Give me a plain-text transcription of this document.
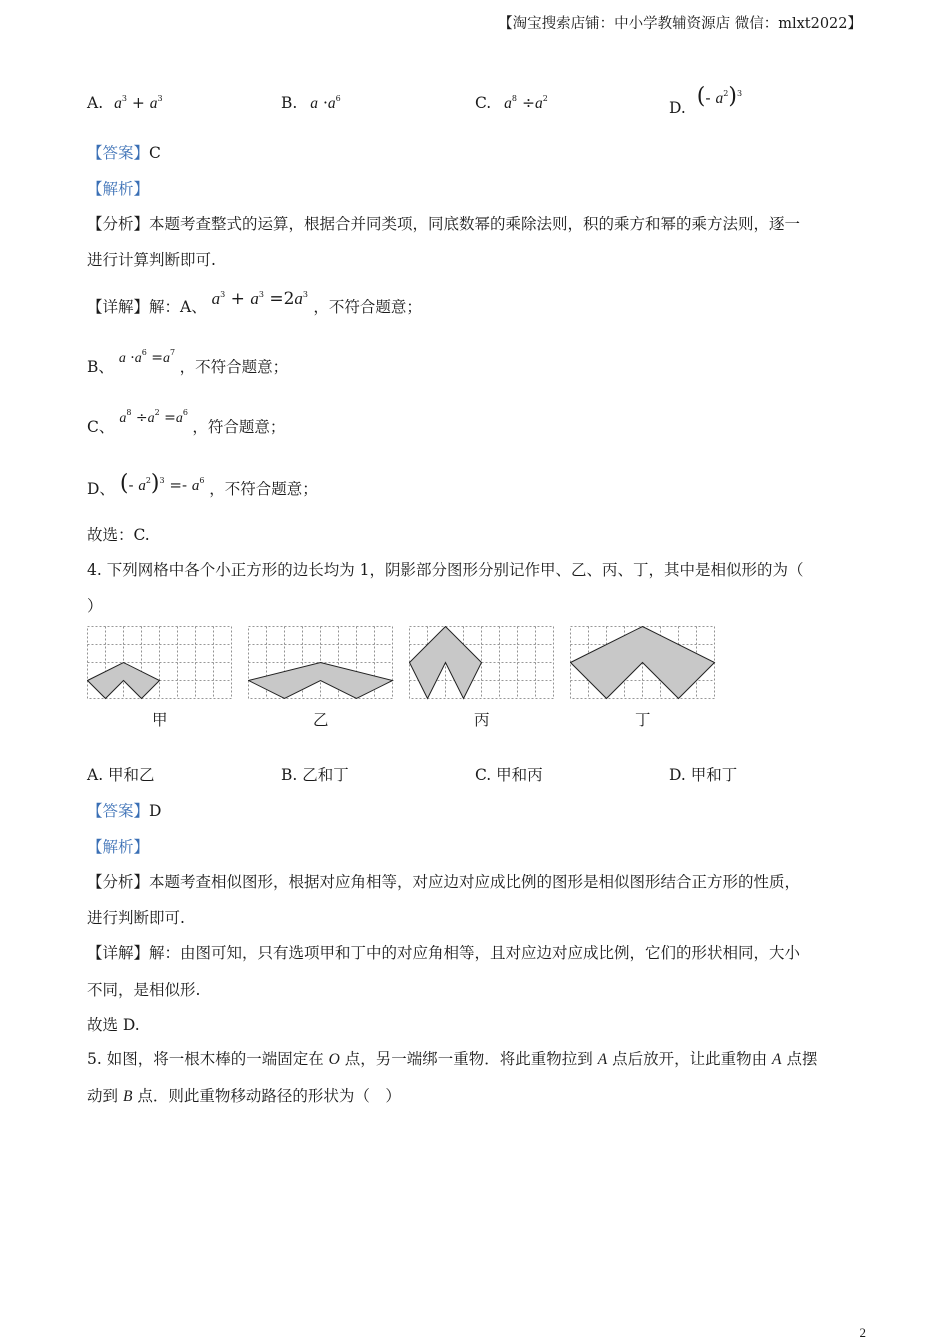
【淘宝搜索店铺：中小学教辅资源店 微信：mlxt2022】
A. $a^3 + a^3$	B. $a \cdot a^6$	C. $a^8 \div a^2$
D. (- $a^2)^3$
【答案】C
【解析】
【分析】本题考查整式的运算，根据合并同类项，同底数幂的乘除法则，积的乘方和幂的乘方法则，逐一
进行计算判断即可.
【详解】解：A、 $a^3 + a^3 =2a^3$ ，不符合题意；
B、 $a \cdot a^6 =a^7$ ，不符合题意；
C、 $a^8 \div a^2 =a^6$ ，符合题意；
D、 (- $a^2)^3 =- a^6$ ，不符合题意；
故选：C.
4. 下列网格中各个小正方形的边长均为 1，阴影部分图形分别记作甲、乙、丙、丁，其中是相似形的为（
）
甲	乙	丙	丁
A. 甲和乙	B. 乙和丁	C. 甲和丙	D. 甲和丁
【答案】D
【解析】
【分析】本题考查相似图形，根据对应角相等，对应边对应成比例的图形是相似图形结合正方形的性质，
进行判断即可.
【详解】解：由图可知，只有选项甲和丁中的对应角相等，且对应边对应成比例，它们的形状相同，大小
不同，是相似形.
故选 D.
5. 如图，将一根木棒的一端固定在 O 点，另一端绑一重物．将此重物拉到 A 点后放开，让此重物由 A 点摆
动到 B 点．则此重物移动路径的形状为（　）
2
